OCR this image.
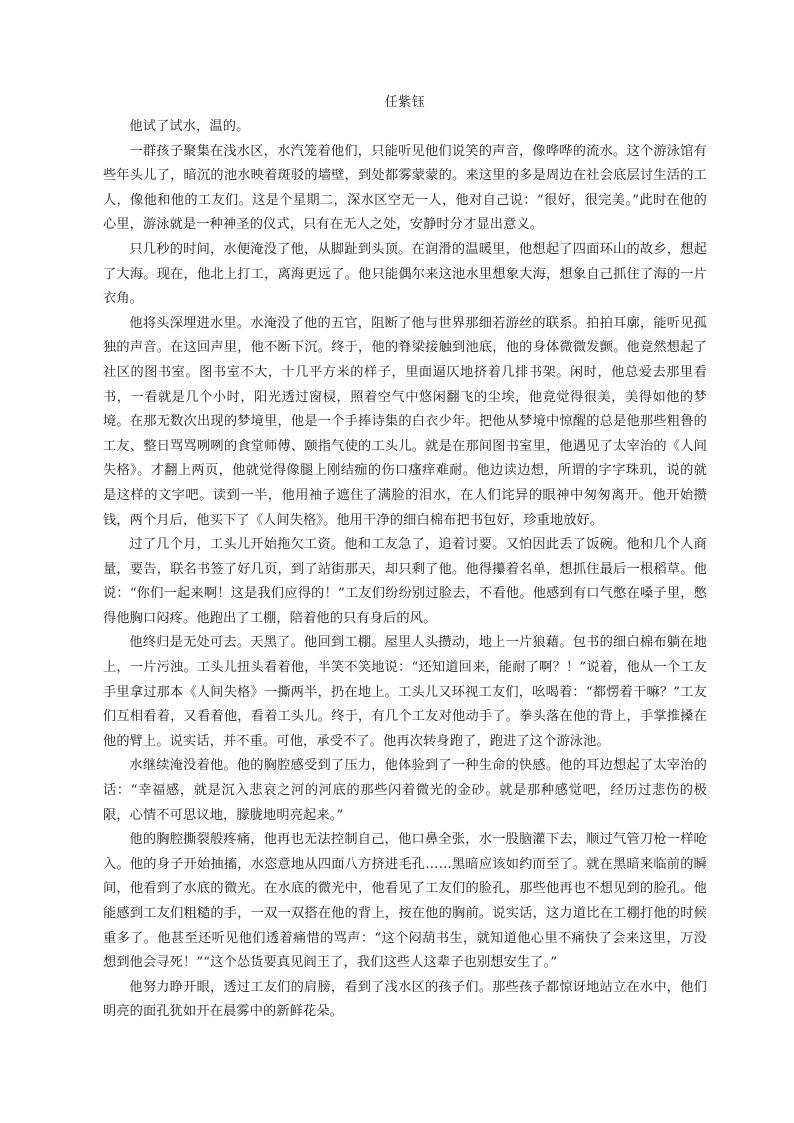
任紫钰

他试了试水，温的。

一群孩子聚集在浅水区，水汽笼着他们，只能听见他们说笑的声音，像哗哗的流水。这个游泳馆有些年头儿了，暗沉的池水映着斑驳的墙壁，到处都雾蒙蒙的。来这里的多是周边在社会底层讨生活的工人，像他和他的工友们。这是个星期二，深水区空无一人，他对自己说：“很好，很完美。”此时在他的心里，游泳就是一种神圣的仪式，只有在无人之处，安静时分才显出意义。

只几秒的时间，水便淹没了他，从脚趾到头顶。在润滑的温暖里，他想起了四面环山的故乡，想起了大海。现在，他北上打工，离海更远了。他只能偶尔来这池水里想象大海，想象自己抓住了海的一片衣角。

他将头深埋进水里。水淹没了他的五官，阻断了他与世界那细若游丝的联系。拍拍耳廓，能听见孤独的声音。在这回声里，他不断下沉。终于，他的脊梁接触到池底，他的身体微微发颤。他竟然想起了社区的图书室。图书室不大，十几平方米的样子，里面逼仄地挤着几排书架。闲时，他总爱去那里看书，一看就是几个小时，阳光透过窗棂，照着空气中悠闲翻飞的尘埃，他竟觉得很美，美得如他的梦境。在那无数次出现的梦境里，他是一个手捧诗集的白衣少年。把他从梦境中惊醒的总是他那些粗鲁的工友、整日骂骂咧咧的食堂师傅、颐指气使的工头儿。就是在那间图书室里，他遇见了太宰治的《人间失格》。才翻上两页，他就觉得像腿上刚结痂的伤口瘙痒难耐。他边读边想，所谓的字字珠玑，说的就是这样的文字吧。读到一半，他用袖子遮住了满脸的泪水，在人们诧异的眼神中匆匆离开。他开始攒钱，两个月后，他买下了《人间失格》。他用干净的细白棉布把书包好，珍重地放好。

过了几个月，工头儿开始拖欠工资。他和工友急了，追着讨要。又怕因此丢了饭碗。他和几个人商量，要告，联名书签了好几页，到了站街那天，却只剩了他。他得攥着名单，想抓住最后一根稻草。他说：“你们一起来啊！这是我们应得的！”工友们纷纷别过脸去，不看他。他感到有口气憋在嗓子里，憋得他胸口闷疼。他跑出了工棚，陪着他的只有身后的风。

他终归是无处可去。天黑了。他回到工棚。屋里人头攒动，地上一片狼藉。包书的细白棉布躺在地上，一片污浊。工头儿扭头看着他，半笑不笑地说：“还知道回来，能耐了啊？！”说着，他从一个工友手里拿过那本《人间失格》一撕两半，扔在地上。工头儿又环视工友们，吆喝着：“都愣着干嘛？”工友们互相看着，又看着他，看着工头儿。终于，有几个工友对他动手了。拳头落在他的背上，手掌推搡在他的臂上。说实话，并不重。可他，承受不了。他再次转身跑了，跑进了这个游泳池。

水继续淹没着他。他的胸腔感受到了压力，他体验到了一种生命的快感。他的耳边想起了太宰治的话：“幸福感，就是沉入悲哀之河的河底的那些闪着微光的金砂。就是那种感觉吧，经历过悲伤的极限，心情不可思议地，朦胧地明亮起来。”

他的胸腔撕裂般疼痛，他再也无法控制自己，他口鼻全张，水一股脑灌下去，顺过气管刀枪一样呛入。他的身子开始抽搐，水恣意地从四面八方挤进毛孔……黑暗应该如约而至了。就在黑暗来临前的瞬间，他看到了水底的微光。在水底的微光中，他看见了工友们的脸孔，那些他再也不想见到的脸孔。他能感到工友们粗糙的手，一双一双搭在他的背上，按在他的胸前。说实话，这力道比在工棚打他的时候重多了。他甚至还听见他们透着痛惜的骂声：“这个闷葫书生，就知道他心里不痛快了会来这里，万没想到他会寻死！”“这个怂货要真见阎王了，我们这些人这辈子也别想安生了。”

他努力睁开眼，透过工友们的肩膀，看到了浅水区的孩子们。那些孩子都惊讶地站立在水中，他们明亮的面孔犹如开在晨雾中的新鲜花朵。
